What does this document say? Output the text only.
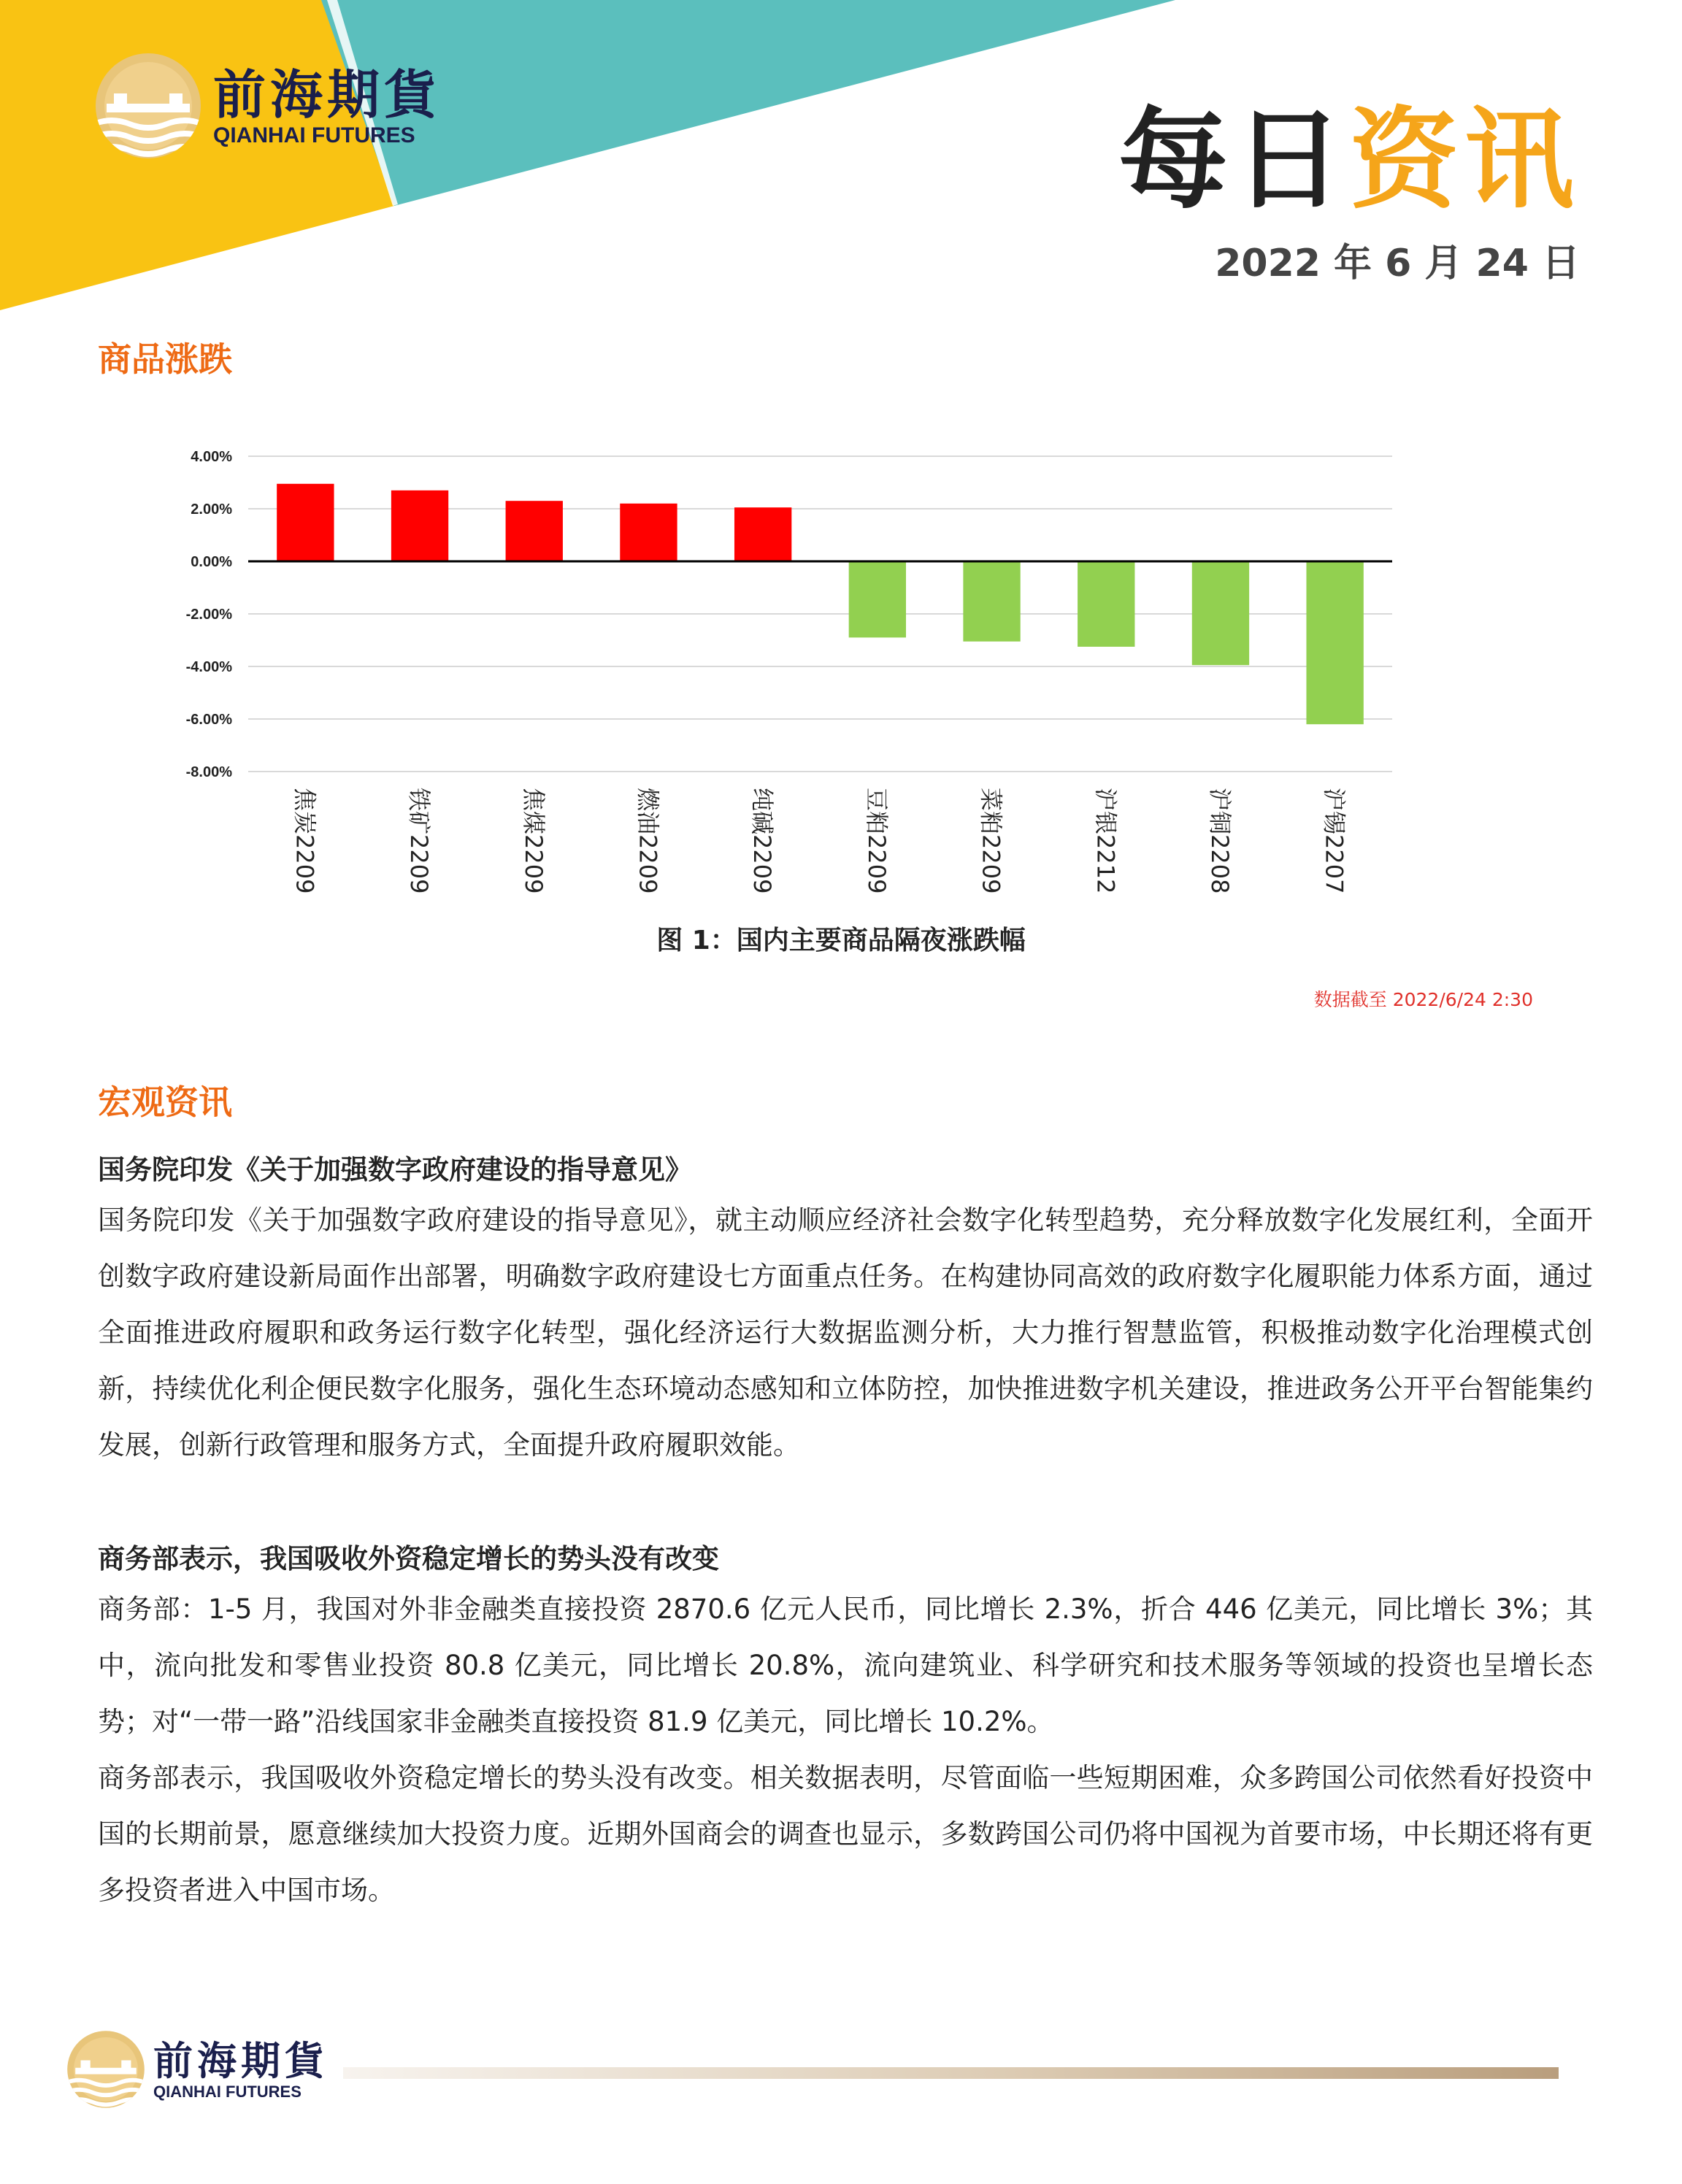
前海期貨
QIANHAI FUTURES	每日资讯
2022 年 6 月 24 日
商品涨跌
4.00%
2.00%
0.00%
-2.00%
-4.00%
-6.00%
-8.00%
焦炭2209	铁矿2209	焦煤2209	燃油2209	纯碱2209	豆粕2209	菜粕2209	沪银2212	沪铜2208	沪锡2207
图 1：国内主要商品隔夜涨跌幅
数据截至 2022/6/24 2:30
宏观资讯
国务院印发《关于加强数字政府建设的指导意见》
国务院印发《关于加强数字政府建设的指导意见》，就主动顺应经济社会数字化转型趋势，充分释放数字化发展红利，全面开创数字政府建设新局面作出部署，明确数字政府建设七方面重点任务。在构建协同高效的政府数字化履职能力体系方面，通过全面推进政府履职和政务运行数字化转型，强化经济运行大数据监测分析，大力推行智慧监管，积极推动数字化治理模式创新，持续优化利企便民数字化服务，强化生态环境动态感知和立体防控，加快推进数字机关建设，推进政务公开平台智能集约发展，创新行政管理和服务方式，全面提升政府履职效能。
商务部表示，我国吸收外资稳定增长的势头没有改变
商务部：1-5 月，我国对外非金融类直接投资 2870.6 亿元人民币，同比增长 2.3%，折合 446 亿美元，同比增长 3%；其中，流向批发和零售业投资 80.8 亿美元，同比增长 20.8%，流向建筑业、科学研究和技术服务等领域的投资也呈增长态势；对“一带一路”沿线国家非金融类直接投资 81.9 亿美元，同比增长 10.2%。
商务部表示，我国吸收外资稳定增长的势头没有改变。相关数据表明，尽管面临一些短期困难，众多跨国公司依然看好投资中国的长期前景，愿意继续加大投资力度。近期外国商会的调查也显示，多数跨国公司仍将中国视为首要市场，中长期还将有更多投资者进入中国市场。
前海期貨
QIANHAI FUTURES
